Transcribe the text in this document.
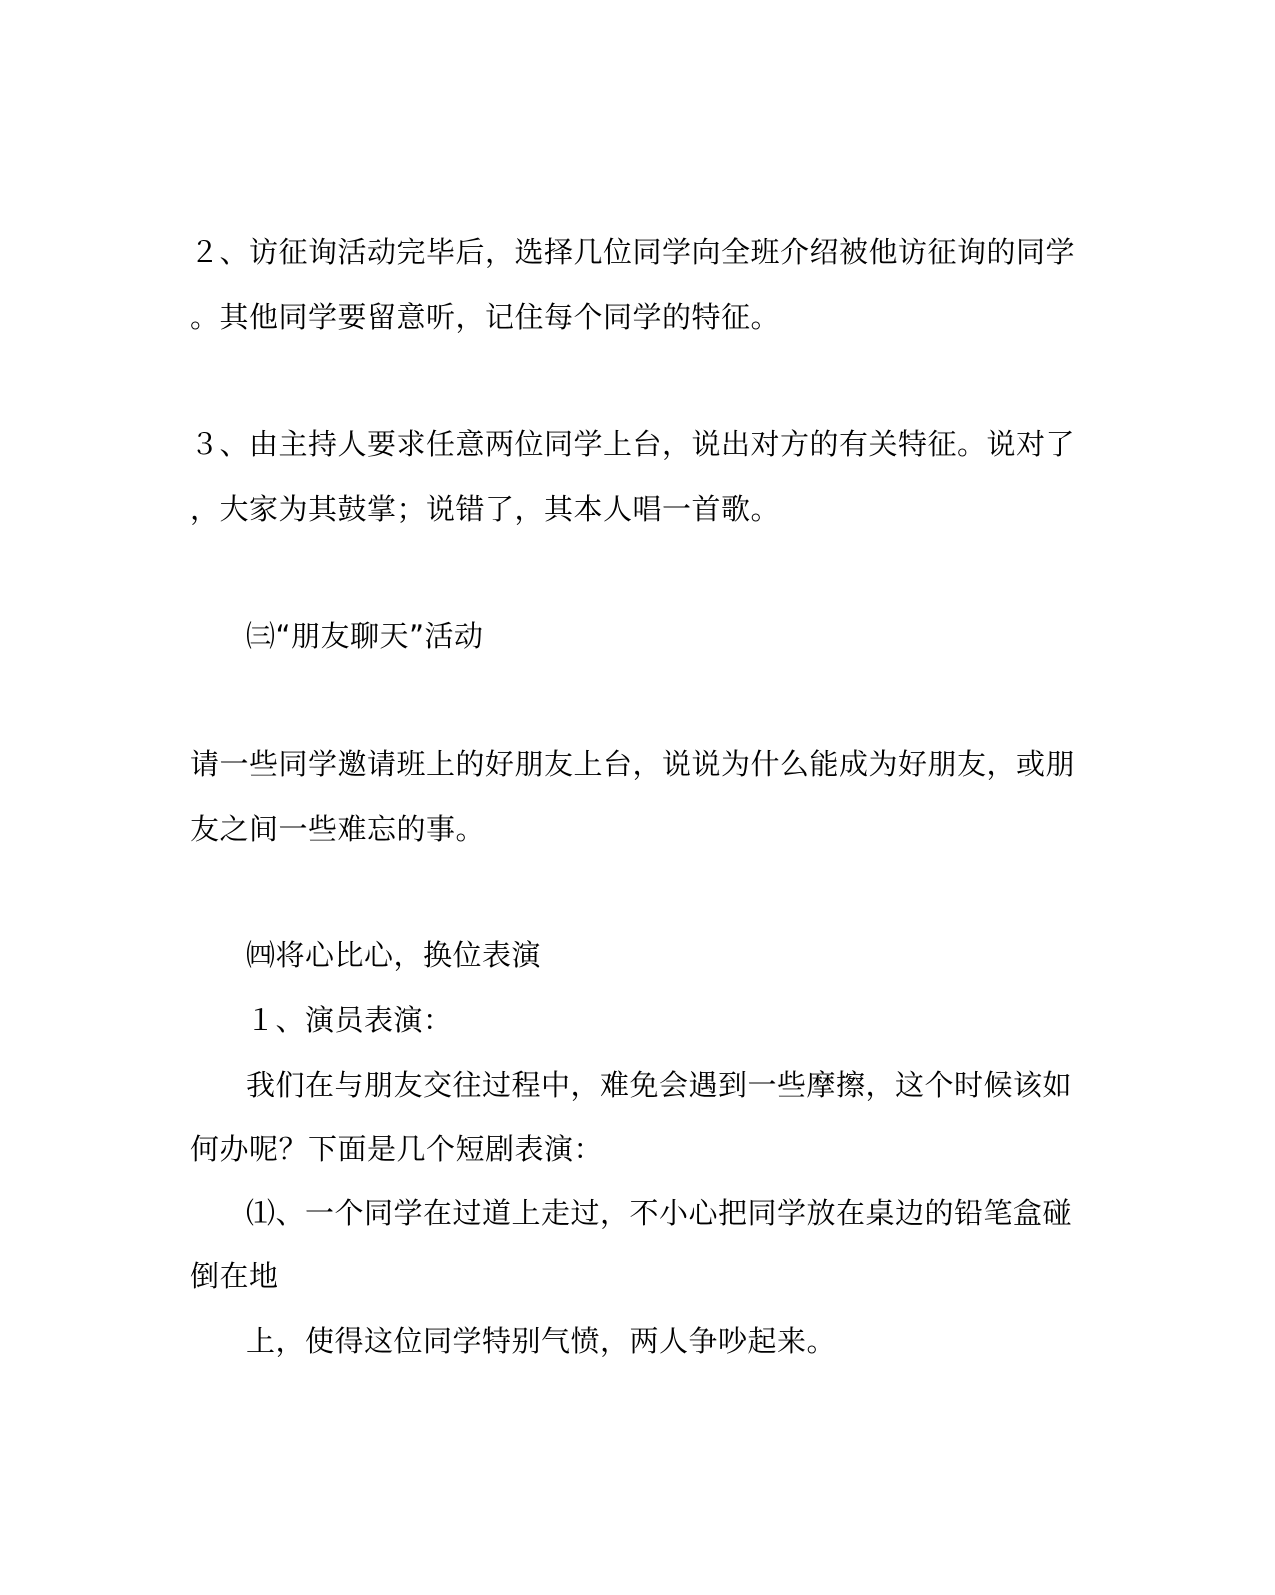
２、访征询活动完毕后，选择几位同学向全班介绍被他访征询的同学
。其他同学要留意听，记住每个同学的特征。
３、由主持人要求任意两位同学上台，说出对方的有关特征。说对了
，大家为其鼓掌；说错了，其本人唱一首歌。
㈢“朋友聊天”活动
请一些同学邀请班上的好朋友上台，说说为什么能成为好朋友，或朋
友之间一些难忘的事。
㈣将心比心，换位表演
１、演员表演：
我们在与朋友交往过程中，难免会遇到一些摩擦，这个时候该如
何办呢？下面是几个短剧表演：
⑴、一个同学在过道上走过，不小心把同学放在桌边的铅笔盒碰
倒在地
上，使得这位同学特别气愤，两人争吵起来。
